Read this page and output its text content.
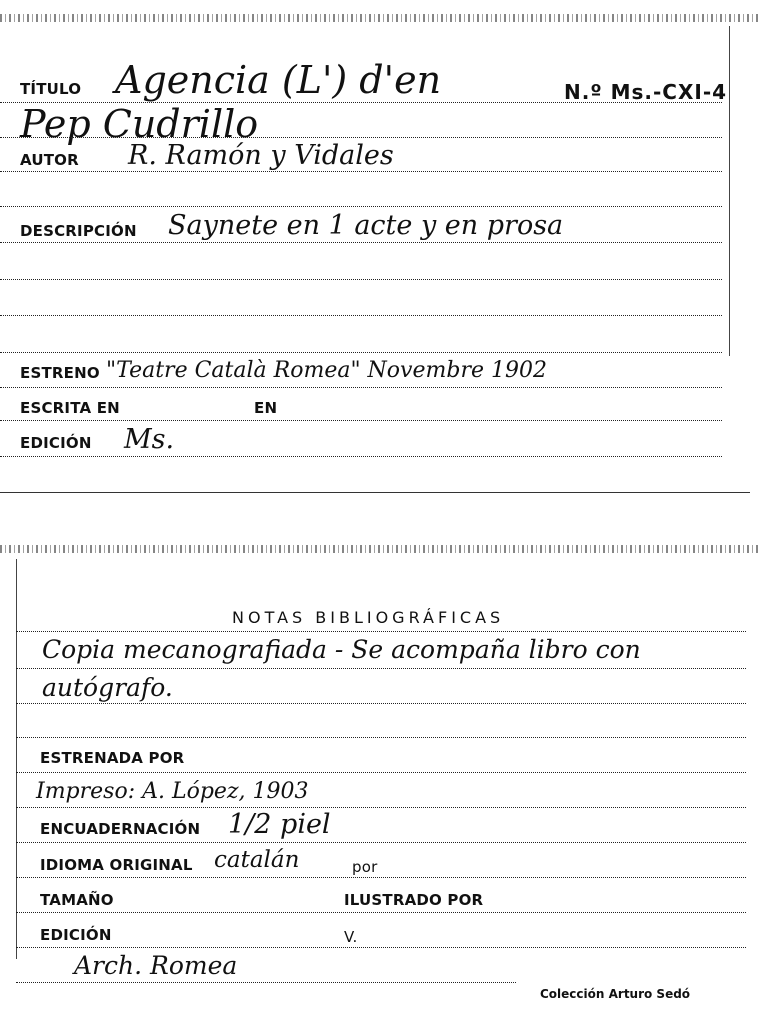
TÍTULO Agencia (L') d'en	N.º Ms.-CXI-4
Pep Cudrillo
AUTOR R. Ramón y Vidales
DESCRIPCIÓN Saynete en 1 acte y en prosa
ESTRENO "Teatre Català Romea" Novembre 1902
ESCRITA EN	EN
EDICIÓN Ms.
NOTAS BIBLIOGRÁFICAS
Copia mecanografiada - Se acompaña libro con
autógrafo.
ESTRENADA POR
Impreso: A. López, 1903
ENCUADERNACIÓN 1/2 piel
IDIOMA ORIGINAL catalán	por
TAMAÑO	ILUSTRADO POR
EDICIÓN	V.
Arch. Romea
Colección Arturo Sedó
